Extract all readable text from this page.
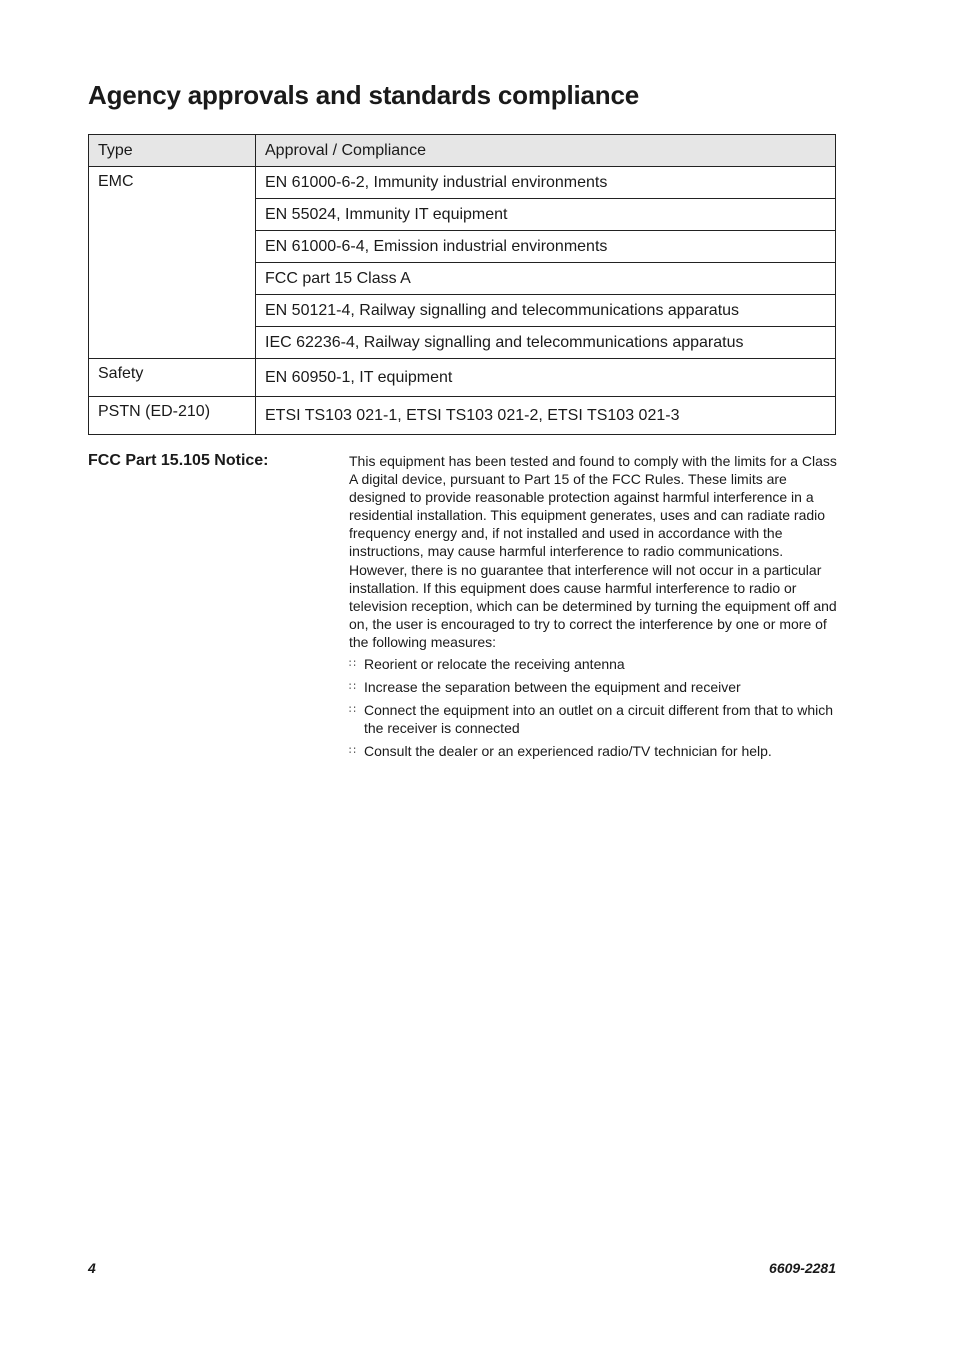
Agency approvals and standards compliance
Type	Approval / Compliance
EMC	EN 61000-6-2, Immunity industrial environments
	EN 55024, Immunity IT equipment
	EN 61000-6-4, Emission industrial environments
	FCC part 15 Class A
	EN 50121-4, Railway signalling and telecommunications apparatus
	IEC 62236-4, Railway signalling and telecommunications apparatus
Safety	EN 60950-1, IT equipment
PSTN (ED-210)	ETSI TS103 021-1, ETSI TS103 021-2, ETSI TS103 021-3
FCC Part 15.105 Notice:	This equipment has been tested and found to comply with the limits for a Class A digital device, pursuant to Part 15 of the FCC Rules. These limits are designed to provide reasonable protection against harmful interference in a residential installation. This equipment generates, uses and can radiate radio frequency energy and, if not installed and used in accordance with the instructions, may cause harmful interference to radio communications. However, there is no guarantee that interference will not occur in a particular installation. If this equipment does cause harmful interference to radio or television reception, which can be determined by turning the equipment off and on, the user is encouraged to try to correct the interference by one or more of the following measures:

∷ Reorient or relocate the receiving antenna
∷ Increase the separation between the equipment and receiver
∷ Connect the equipment into an outlet on a circuit different from that to which the receiver is connected
∷ Consult the dealer or an experienced radio/TV technician for help.
4	6609-2281
